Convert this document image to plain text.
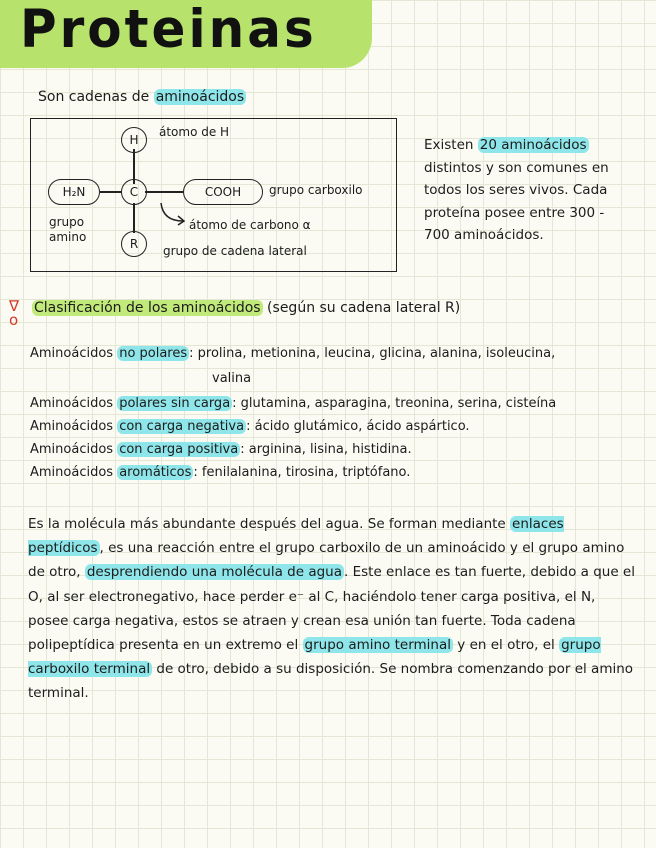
Proteinas
Son cadenas de aminoácidos
H
C
R
H₂N	COOH
átomo de H
grupo carboxilo
átomo de carbono α
grupo de cadena lateral
grupo
amino
Existen 20 aminoácidos distintos y son comunes en todos los seres vivos. Cada proteína posee entre 300 - 700 aminoácidos.
∇
o
Clasificación de los aminoácidos (según su cadena lateral R)
Aminoácidos no polares : prolina, metionina, leucina, glicina, alanina, isoleucina,
valina
Aminoácidos polares sin carga : glutamina, asparagina, treonina, serina, cisteína
Aminoácidos con carga negativa : ácido glutámico, ácido aspártico.
Aminoácidos con carga positiva : arginina, lisina, histidina.
Aminoácidos aromáticos : fenilalanina, tirosina, triptófano.
Es la molécula más abundante después del agua. Se forman mediante enlaces peptídicos , es una reacción entre el grupo carboxilo de un aminoácido y el grupo amino de otro, desprendiendo una molécula de agua . Este enlace es tan fuerte, debido a que el O, al ser electronegativo, hace perder e⁻ al C, haciéndolo tener carga positiva, el N, posee carga negativa, estos se atraen y crean esa unión tan fuerte. Toda cadena polipeptídica presenta en un extremo el grupo amino terminal y en el otro, el grupo carboxilo terminal de otro, debido a su disposición. Se nombra comenzando por el amino terminal.
